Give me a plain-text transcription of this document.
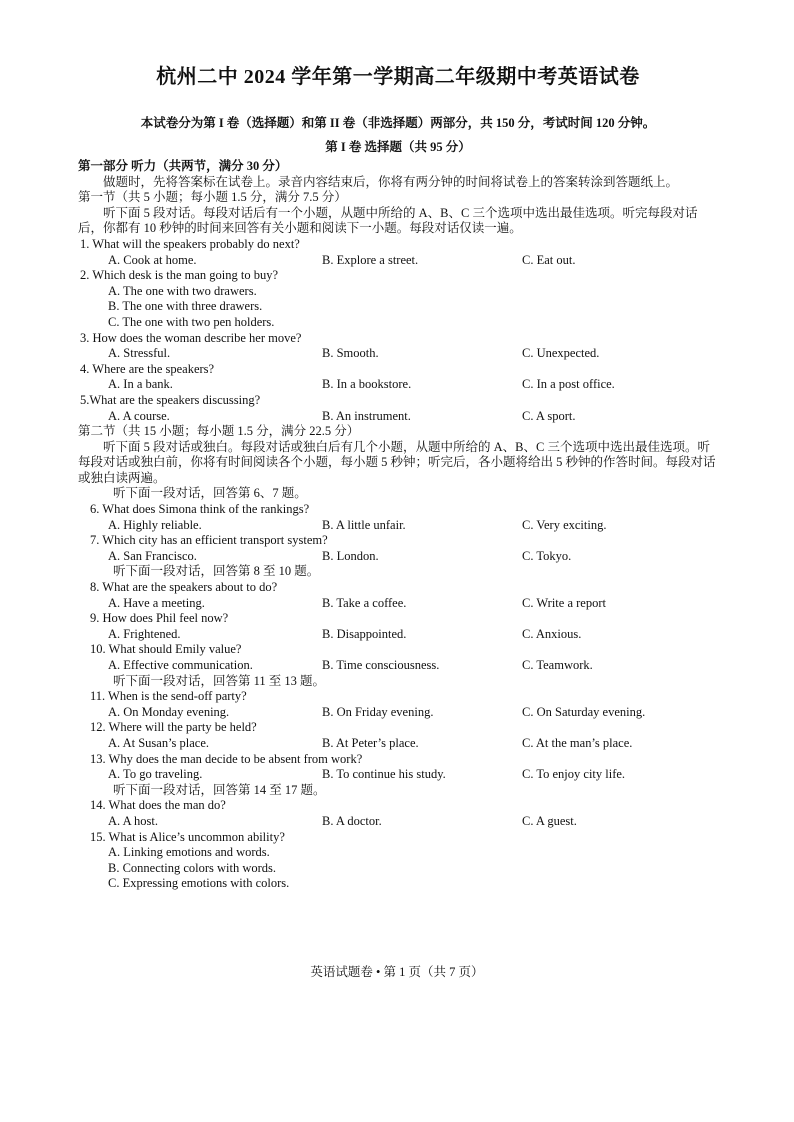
杭州二中 2024 学年第一学期高二年级期中考英语试卷
本试卷分为第 I 卷（选择题）和第 II 卷（非选择题）两部分，共 150 分，考试时间 120 分钟。
第 I 卷 选择题（共 95 分）
第一部分 听力（共两节，满分 30 分）
做题时，先将答案标在试卷上。录音内容结束后，你将有两分钟的时间将试卷上的答案转涂到答题纸上。
第一节（共 5 小题；每小题 1.5 分，满分 7.5 分）
听下面 5 段对话。每段对话后有一个小题，从题中所给的 A、B、C 三个选项中选出最佳选项。听完每段对话后，你都有 10 秒钟的时间来回答有关小题和阅读下一小题。每段对话仅读一遍。
1. What will the speakers probably do next?
A. Cook at home.	B. Explore a street.	C. Eat out.
2. Which desk is the man going to buy?
A. The one with two drawers.
B. The one with three drawers.
C. The one with two pen holders.
3. How does the woman describe her move?
A. Stressful.	B. Smooth.	C. Unexpected.
4. Where are the speakers?
A. In a bank.	B. In a bookstore.	C. In a post office.
5.What are the speakers discussing?
A. A course.	B. An instrument.	C. A sport.
第二节（共 15 小题；每小题 1.5 分，满分 22.5 分）
听下面 5 段对话或独白。每段对话或独白后有几个小题，从题中所给的 A、B、C 三个选项中选出最佳选项。听每段对话或独白前，你将有时间阅读各个小题，每小题 5 秒钟；听完后，各小题将给出 5 秒钟的作答时间。每段对话或独白读两遍。
听下面一段对话，回答第 6、7 题。
6. What does Simona think of the rankings?
A. Highly reliable.	B. A little unfair.	C. Very exciting.
7. Which city has an efficient transport system?
A. San Francisco.	B. London.	C. Tokyo.
听下面一段对话，回答第 8 至 10 题。
8. What are the speakers about to do?
A. Have a meeting.	B. Take a coffee.	C. Write a report
9. How does Phil feel now?
A. Frightened.	B. Disappointed.	C. Anxious.
10. What should Emily value?
A. Effective communication.	B. Time consciousness.	C. Teamwork.
听下面一段对话，回答第 11 至 13 题。
11. When is the send-off party?
A. On Monday evening.	B. On Friday evening.	C. On Saturday evening.
12. Where will the party be held?
A. At Susan’s place.	B. At Peter’s place.	C. At the man’s place.
13. Why does the man decide to be absent from work?
A. To go traveling.	B. To continue his study.	C. To enjoy city life.
听下面一段对话，回答第 14 至 17 题。
14. What does the man do?
A. A host.	B. A doctor.	C. A guest.
15. What is Alice’s uncommon ability?
A. Linking emotions and words.
B. Connecting colors with words.
C. Expressing emotions with colors.
英语试题卷 • 第 1 页（共 7 页）
